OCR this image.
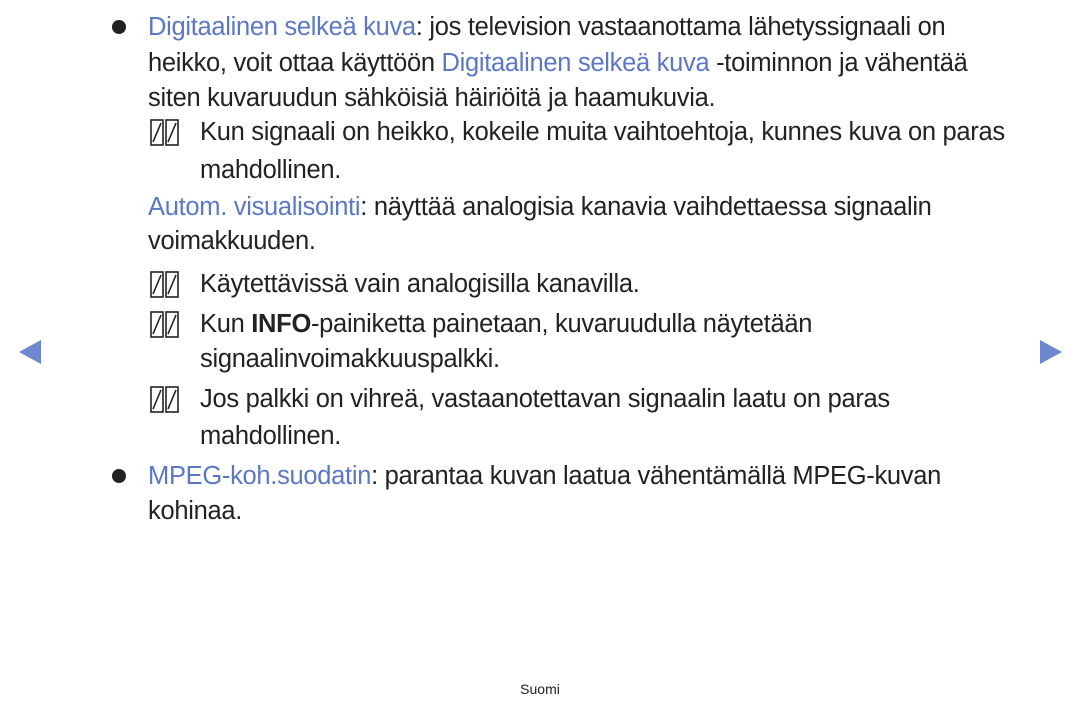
Digitaalinen selkeä kuva: jos television vastaanottama lähetyssignaali on
heikko, voit ottaa käyttöön Digitaalinen selkeä kuva -toiminnon ja vähentää
siten kuvaruudun sähköisiä häiriöitä ja haamukuvia.
Kun signaali on heikko, kokeile muita vaihtoehtoja, kunnes kuva on paras
mahdollinen.
Autom. visualisointi: näyttää analogisia kanavia vaihdettaessa signaalin
voimakkuuden.
Käytettävissä vain analogisilla kanavilla.
Kun INFO-painiketta painetaan, kuvaruudulla näytetään
signaalinvoimakkuuspalkki.
Jos palkki on vihreä, vastaanotettavan signaalin laatu on paras
mahdollinen.
MPEG-koh.suodatin: parantaa kuvan laatua vähentämällä MPEG-kuvan
kohinaa.
Suomi
